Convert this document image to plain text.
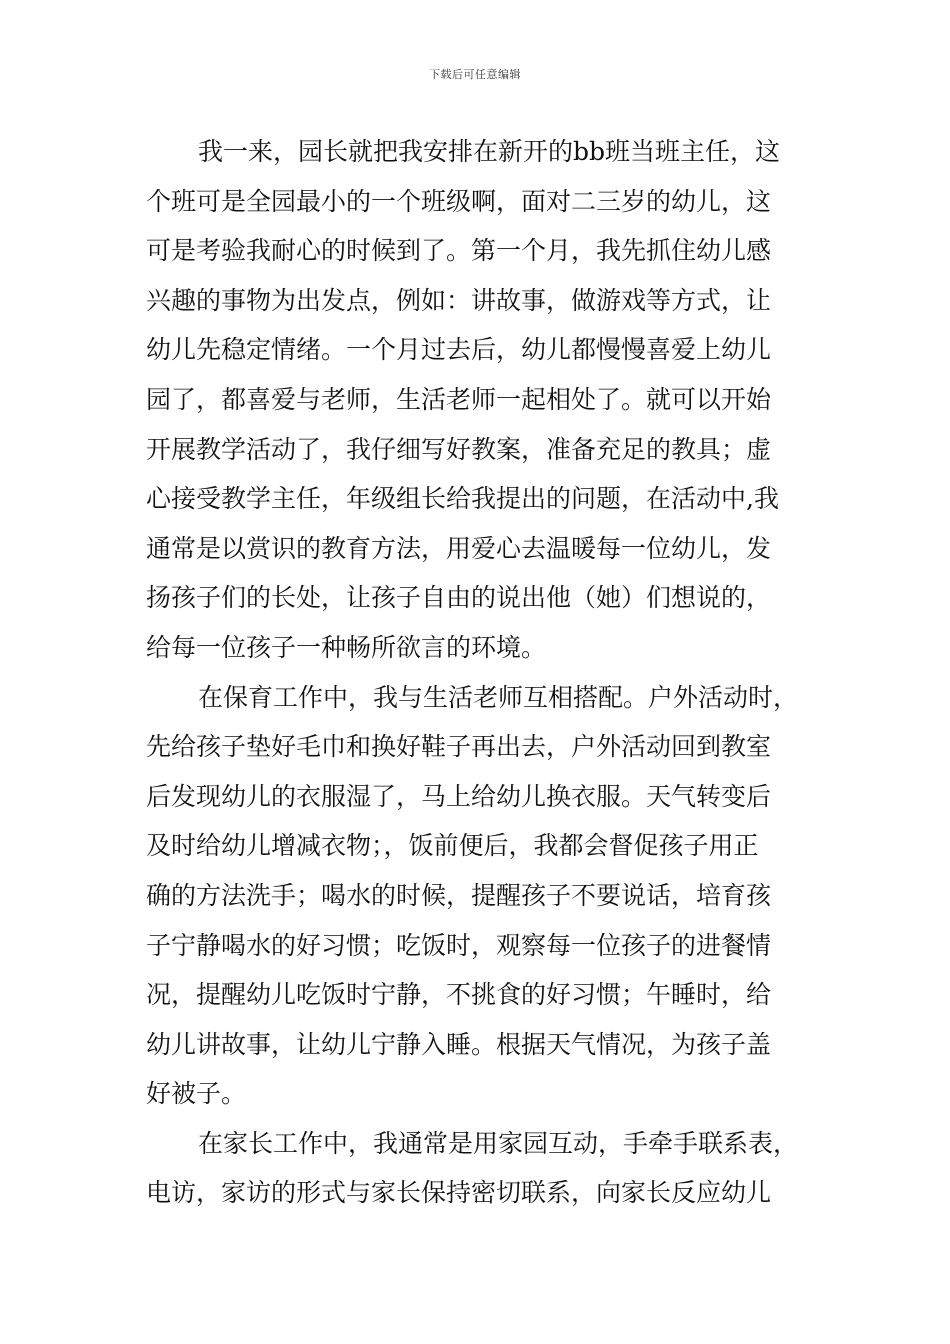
下载后可任意编辑
我一来，园长就把我安排在新开的bb班当班主任，这
个班可是全园最小的一个班级啊，面对二三岁的幼儿，这
可是考验我耐心的时候到了。第一个月，我先抓住幼儿感
兴趣的事物为出发点，例如：讲故事，做游戏等方式，让
幼儿先稳定情绪。一个月过去后，幼儿都慢慢喜爱上幼儿
园了，都喜爱与老师，生活老师一起相处了。就可以开始
开展教学活动了，我仔细写好教案，准备充足的教具；虚
心接受教学主任，年级组长给我提出的问题，在活动中,我
通常是以赏识的教育方法，用爱心去温暖每一位幼儿，发
扬孩子们的长处，让孩子自由的说出他（她）们想说的，
给每一位孩子一种畅所欲言的环境。
在保育工作中，我与生活老师互相搭配。户外活动时，
先给孩子垫好毛巾和换好鞋子再出去，户外活动回到教室
后发现幼儿的衣服湿了，马上给幼儿换衣服。天气转变后
及时给幼儿增减衣物；，饭前便后，我都会督促孩子用正
确的方法洗手；喝水的时候，提醒孩子不要说话，培育孩
子宁静喝水的好习惯；吃饭时，观察每一位孩子的进餐情
况，提醒幼儿吃饭时宁静，不挑食的好习惯；午睡时，给
幼儿讲故事，让幼儿宁静入睡。根据天气情况，为孩子盖
好被子。
在家长工作中，我通常是用家园互动，手牵手联系表，
电访，家访的形式与家长保持密切联系，向家长反应幼儿
